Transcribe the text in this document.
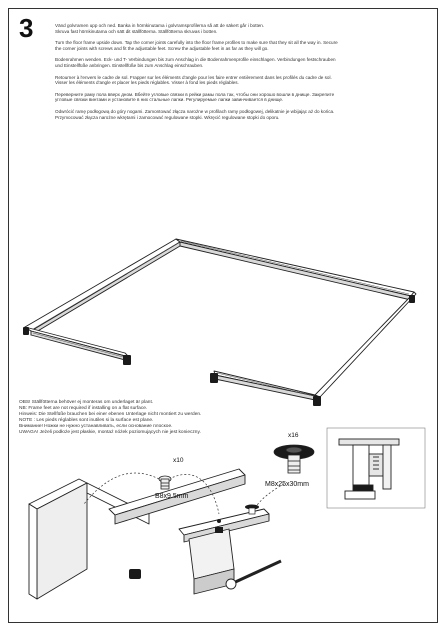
3	Vänd golvramen upp och ned. Banka in hörnkinutama i golvramsprofilerna så att de säkert går i botten.
Skruva fast hörnkinutama och sätt dit ställfötterna. Ställfötterna skruvas i botten.

Turn the floor frame upside down. Tap the corner joints carefully into the floor frame profiles to make sure that they sit all the way in. Secure
the corner joints with screws and fit the adjustable feet. Screw the adjustable feet in as far as they will go.

Bodenrahmen wenden. Eck- und T- Verbindungen bis zum Anschlag in die Bodenrahmenprofile einschlagen. Verbindungen festschrauben
und Einstellfüße anbringen. Einstellfüße bis zum Anschlag einschrauben.

Retourner à l'envers le cadre de sol. Frapper sur les éléments d'angle pour les faire entrer entièrement dans les profilés du cadre de sol.
Visser les éléments d'angle et placer les pieds réglables. Visser à fond les pieds réglables.

Переверните раму пола вверх дном. Вбейте угловые связки в рейки рамы пола так, чтобы они хорошо вошли в днище. Закрепите
угловые связки винтами и установите в них стальные лапки. Регулируемые лапки завинчивается в днище.

Odwrócić ramę podłogową do góry nogami. Zamontować złącza narożne w profilach ramy podłogowej, delikatnie je wbijając aż do końca.
Przymocować złącza narożne wkrętami i zamocować regulowane stopki. Wkręcić regulowane stopki do oporu.

OBS! Ställfötterna behöver ej monteras om underlaget är plant.
NB: Frame feet are not required if installing on a flat surface.
Hinweis: Die Stellfüße brauchen bei einer ebenen Unterlage nicht montiert zu werden.
NOTE : Les pieds réglables sont inutiles si la surface est plane.
Внимание! Ножки не нужно устанавливать, если основание плоское.
UWAGA! Jeżeli podłoże jest płaskie, montaż nóżek poziomujących nie jest konieczny.
x10
B8x9.5mm
x16
M8x25x30mm
